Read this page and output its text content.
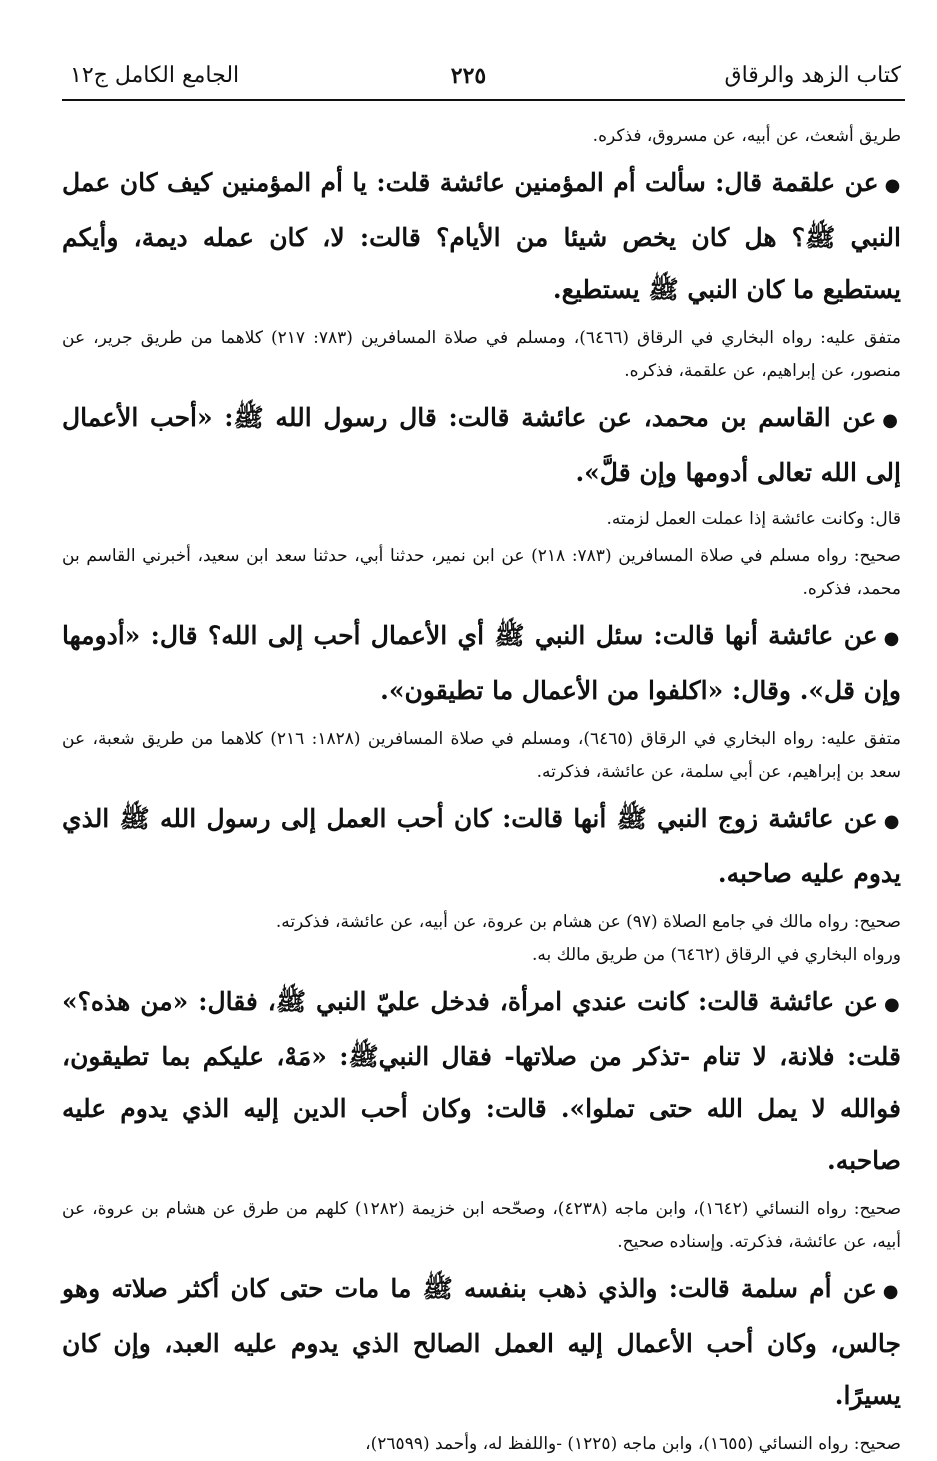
كتاب الزهد والرقاق
٢٢٥
الجامع الكامل ج١٢

طريق أشعث، عن أبيه، عن مسروق، فذكره.

●عن علقمة قال: سألت أم المؤمنين عائشة قلت: يا أم المؤمنين كيف كان عمل النبي ﷺ؟ هل كان يخص شيئا من الأيام؟ قالت: لا، كان عمله ديمة، وأيكم يستطيع ما كان النبي ﷺ يستطيع.

متفق عليه: رواه البخاري في الرقاق (٦٤٦٦)، ومسلم في صلاة المسافرين (٧٨٣: ٢١٧) كلاهما من طريق جرير، عن منصور، عن إبراهيم، عن علقمة، فذكره.

●عن القاسم بن محمد، عن عائشة قالت: قال رسول الله ﷺ: «أحب الأعمال إلى الله تعالى أدومها وإن قلَّ».

قال: وكانت عائشة إذا عملت العمل لزمته.

صحيح: رواه مسلم في صلاة المسافرين (٧٨٣: ٢١٨) عن ابن نمير، حدثنا أبي، حدثنا سعد ابن سعيد، أخبرني القاسم بن محمد، فذكره.

●عن عائشة أنها قالت: سئل النبي ﷺ أي الأعمال أحب إلى الله؟ قال: «أدومها وإن قل». وقال: «اكلفوا من الأعمال ما تطيقون».

متفق عليه: رواه البخاري في الرقاق (٦٤٦٥)، ومسلم في صلاة المسافرين (١٨٢٨: ٢١٦) كلاهما من طريق شعبة، عن سعد بن إبراهيم، عن أبي سلمة، عن عائشة، فذكرته.

●عن عائشة زوج النبي ﷺ أنها قالت: كان أحب العمل إلى رسول الله ﷺ الذي يدوم عليه صاحبه.

صحيح: رواه مالك في جامع الصلاة (٩٧) عن هشام بن عروة، عن أبيه، عن عائشة، فذكرته.

ورواه البخاري في الرقاق (٦٤٦٢) من طريق مالك به.

●عن عائشة قالت: كانت عندي امرأة، فدخل عليّ النبي ﷺ، فقال: «من هذه؟» قلت: فلانة، لا تنام -تذكر من صلاتها- فقال النبيﷺ: «مَهْ، عليكم بما تطيقون، فوالله لا يمل الله حتى تملوا». قالت: وكان أحب الدين إليه الذي يدوم عليه صاحبه.

صحيح: رواه النسائي (١٦٤٢)، وابن ماجه (٤٢٣٨)، وصحّحه ابن خزيمة (١٢٨٢) كلهم من طرق عن هشام بن عروة، عن أبيه، عن عائشة، فذكرته. وإسناده صحيح.

●عن أم سلمة قالت: والذي ذهب بنفسه ﷺ ما مات حتى كان أكثر صلاته وهو جالس، وكان أحب الأعمال إليه العمل الصالح الذي يدوم عليه العبد، وإن كان يسيرًا.

صحيح: رواه النسائي (١٦٥٥)، وابن ماجه (١٢٢٥) -واللفظ له، وأحمد (٢٦٥٩٩)،
